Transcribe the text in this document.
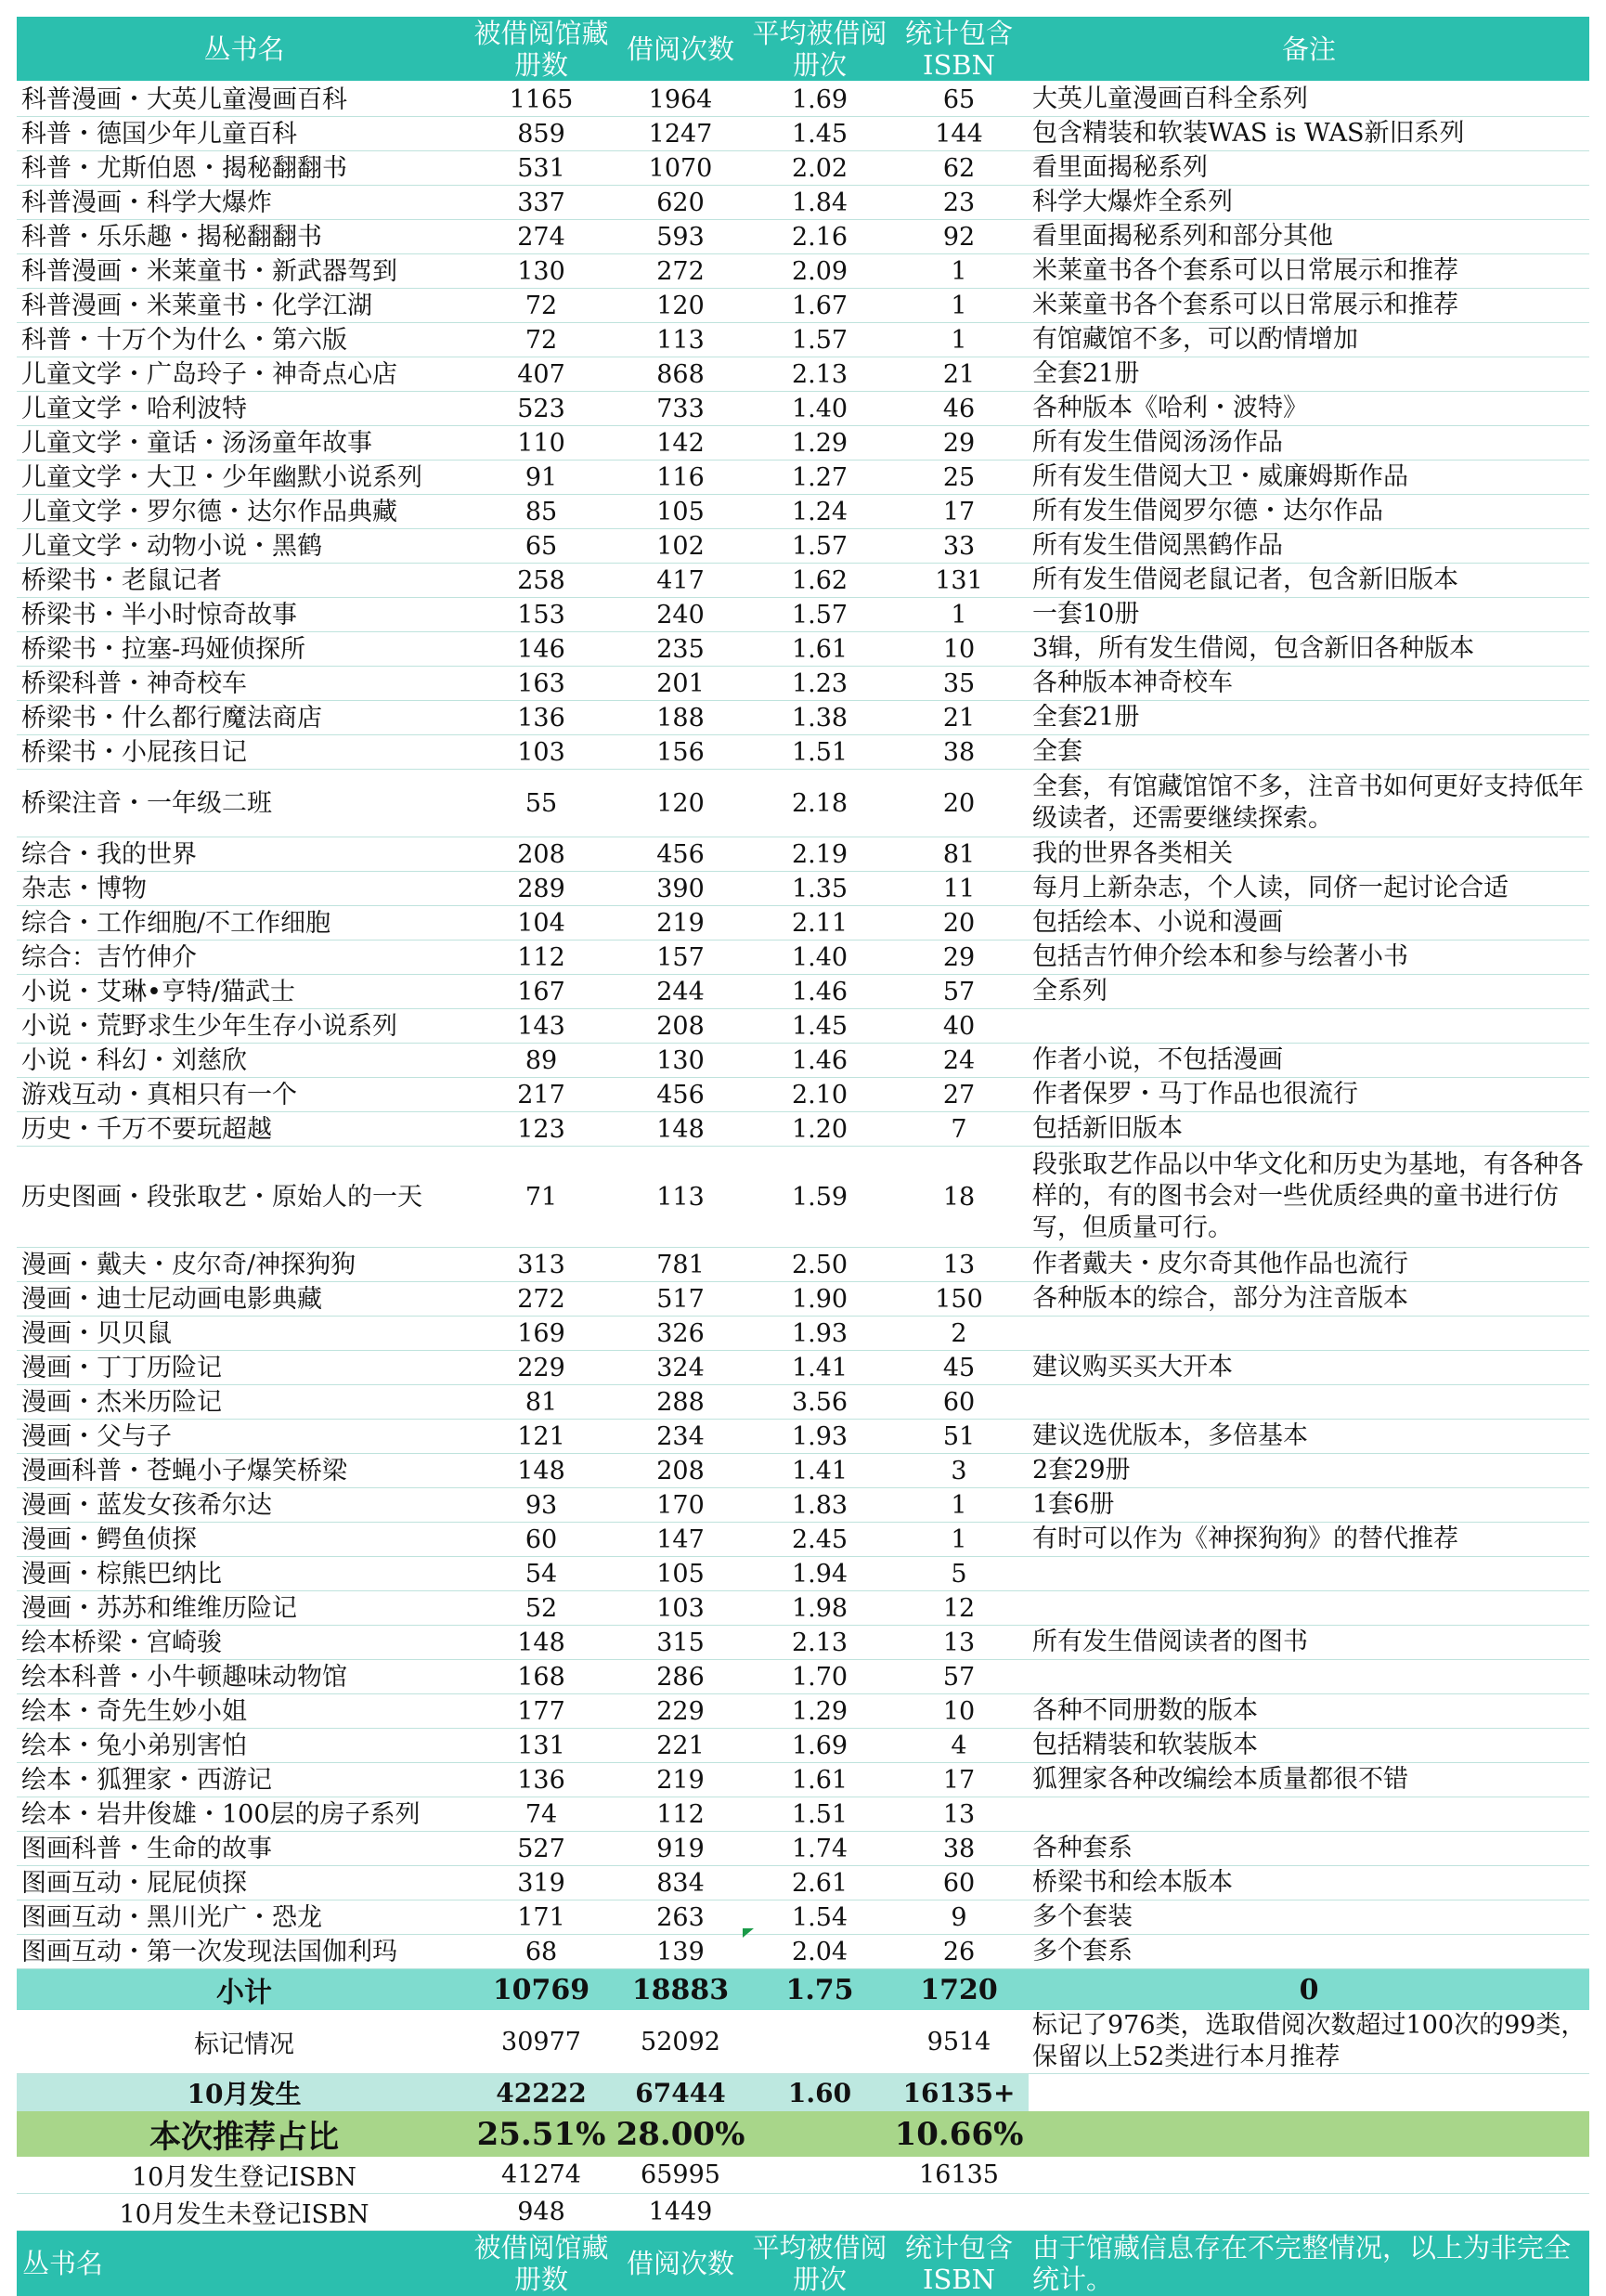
丛书名	被借阅馆藏册数	借阅次数	平均被借阅册次	统计包含ISBN	备注
科普漫画・大英儿童漫画百科	1165	1964	1.69	65	大英儿童漫画百科全系列
科普・德国少年儿童百科	859	1247	1.45	144	包含精装和软装WAS is WAS新旧系列
科普・尤斯伯恩・揭秘翻翻书	531	1070	2.02	62	看里面揭秘系列
科普漫画・科学大爆炸	337	620	1.84	23	科学大爆炸全系列
科普・乐乐趣・揭秘翻翻书	274	593	2.16	92	看里面揭秘系列和部分其他
科普漫画・米莱童书・新武器驾到	130	272	2.09	1	米莱童书各个套系可以日常展示和推荐
科普漫画・米莱童书・化学江湖	72	120	1.67	1	米莱童书各个套系可以日常展示和推荐
科普・十万个为什么・第六版	72	113	1.57	1	有馆藏馆不多，可以酌情增加
儿童文学・广岛玲子・神奇点心店	407	868	2.13	21	全套21册
儿童文学・哈利波特	523	733	1.40	46	各种版本《哈利・波特》
儿童文学・童话・汤汤童年故事	110	142	1.29	29	所有发生借阅汤汤作品
儿童文学・大卫・少年幽默小说系列	91	116	1.27	25	所有发生借阅大卫・威廉姆斯作品
儿童文学・罗尔德・达尔作品典藏	85	105	1.24	17	所有发生借阅罗尔德・达尔作品
儿童文学・动物小说・黑鹤	65	102	1.57	33	所有发生借阅黑鹤作品
桥梁书・老鼠记者	258	417	1.62	131	所有发生借阅老鼠记者，包含新旧版本
桥梁书・半小时惊奇故事	153	240	1.57	1	一套10册
桥梁书・拉塞-玛娅侦探所	146	235	1.61	10	3辑，所有发生借阅，包含新旧各种版本
桥梁科普・神奇校车	163	201	1.23	35	各种版本神奇校车
桥梁书・什么都行魔法商店	136	188	1.38	21	全套21册
桥梁书・小屁孩日记	103	156	1.51	38	全套
桥梁注音・一年级二班	55	120	2.18	20	全套，有馆藏馆馆不多，注音书如何更好支持低年级读者，还需要继续探索。
综合・我的世界	208	456	2.19	81	我的世界各类相关
杂志・博物	289	390	1.35	11	每月上新杂志，个人读，同侪一起讨论合适
综合・工作细胞/不工作细胞	104	219	2.11	20	包括绘本、小说和漫画
综合：吉竹伸介	112	157	1.40	29	包括吉竹伸介绘本和参与绘著小书
小说・艾琳•亨特/猫武士	167	244	1.46	57	全系列
小说・荒野求生少年生存小说系列	143	208	1.45	40	
小说・科幻・刘慈欣	89	130	1.46	24	作者小说，不包括漫画
游戏互动・真相只有一个	217	456	2.10	27	作者保罗・马丁作品也很流行
历史・千万不要玩超越	123	148	1.20	7	包括新旧版本
历史图画・段张取艺・原始人的一天	71	113	1.59	18	段张取艺作品以中华文化和历史为基地，有各种各样的，有的图书会对一些优质经典的童书进行仿写，但质量可行。
漫画・戴夫・皮尔奇/神探狗狗	313	781	2.50	13	作者戴夫・皮尔奇其他作品也流行
漫画・迪士尼动画电影典藏	272	517	1.90	150	各种版本的综合，部分为注音版本
漫画・贝贝鼠	169	326	1.93	2	
漫画・丁丁历险记	229	324	1.41	45	建议购买买大开本
漫画・杰米历险记	81	288	3.56	60	
漫画・父与子	121	234	1.93	51	建议选优版本，多倍基本
漫画科普・苍蝇小子爆笑桥梁	148	208	1.41	3	2套29册
漫画・蓝发女孩希尔达	93	170	1.83	1	1套6册
漫画・鳄鱼侦探	60	147	2.45	1	有时可以作为《神探狗狗》的替代推荐
漫画・棕熊巴纳比	54	105	1.94	5	
漫画・苏苏和维维历险记	52	103	1.98	12	
绘本桥梁・宫崎骏	148	315	2.13	13	所有发生借阅读者的图书
绘本科普・小牛顿趣味动物馆	168	286	1.70	57	
绘本・奇先生妙小姐	177	229	1.29	10	各种不同册数的版本
绘本・兔小弟别害怕	131	221	1.69	4	包括精装和软装版本
绘本・狐狸家・西游记	136	219	1.61	17	狐狸家各种改编绘本质量都很不错
绘本・岩井俊雄・100层的房子系列	74	112	1.51	13	
图画科普・生命的故事	527	919	1.74	38	各种套系
图画互动・屁屁侦探	319	834	2.61	60	桥梁书和绘本版本
图画互动・黑川光广・恐龙	171	263	1.54	9	多个套装
图画互动・第一次发现法国伽利玛	68	139	2.04	26	多个套系
小计	10769	18883	1.75	1720	0
标记情况	30977	52092		9514	标记了976类，选取借阅次数超过100次的99类，保留以上52类进行本月推荐
10月发生	42222	67444	1.60	16135+	
本次推荐占比	25.51%	28.00%		10.66%	
10月发生登记ISBN	41274	65995		16135	
10月发生未登记ISBN	948	1449			
丛书名	被借阅馆藏册数	借阅次数	平均被借阅册次	统计包含ISBN	由于馆藏信息存在不完整情况，以上为非完全统计。
